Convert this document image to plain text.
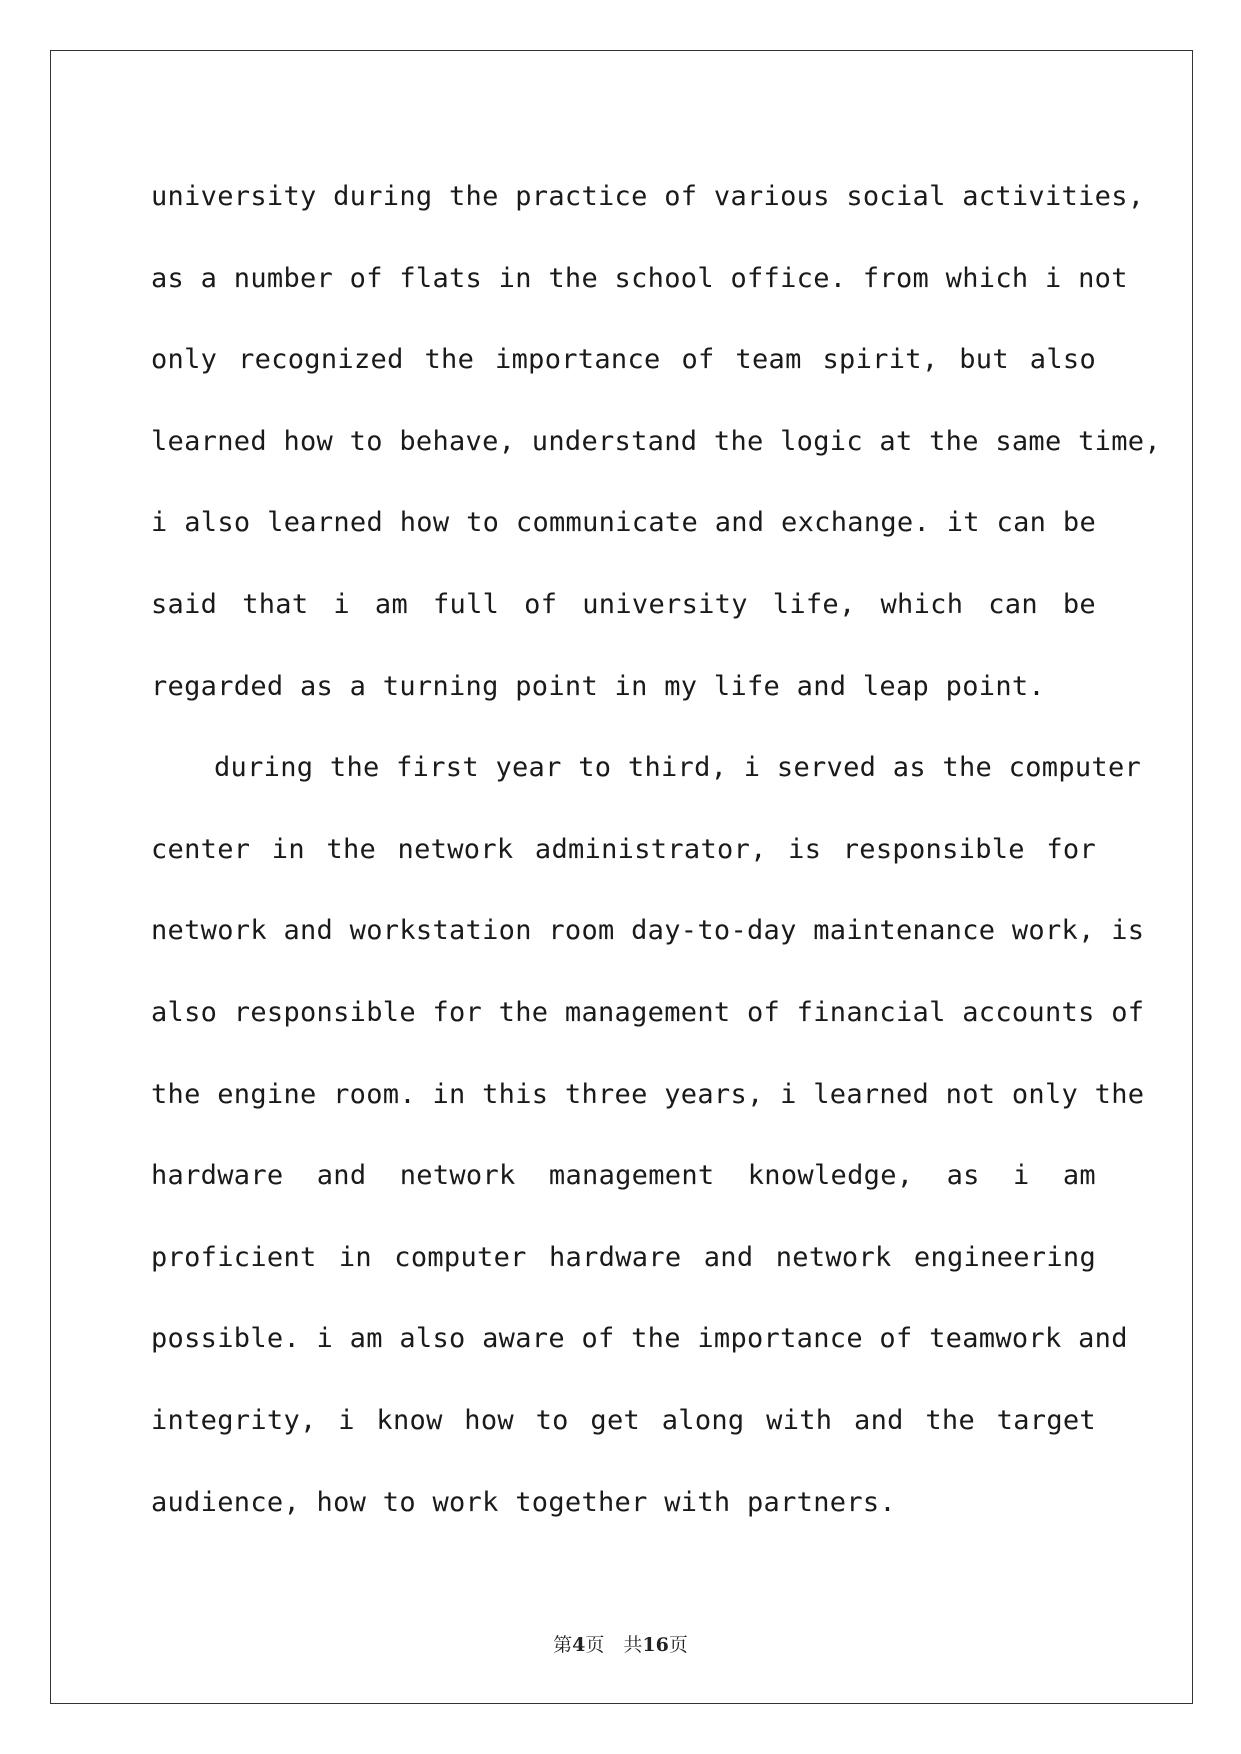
university during the practice of various social activities,
as a number of flats in the school office. from which i not
only recognized the importance of team spirit, but also
learned how to behave, understand the logic at the same time,
i also learned how to communicate and exchange. it can be
said that i am full of university life, which can be
regarded as a turning point in my life and leap point.
during the first year to third, i served as the computer
center in the network administrator, is responsible for
network and workstation room day-to-day maintenance work, is
also responsible for the management of financial accounts of
the engine room. in this three years, i learned not only the
hardware and network management knowledge, as i am
proficient in computer hardware and network engineering
possible. i am also aware of the importance of teamwork and
integrity, i know how to get along with and the target
audience, how to work together with partners.
第4页　 共16页
